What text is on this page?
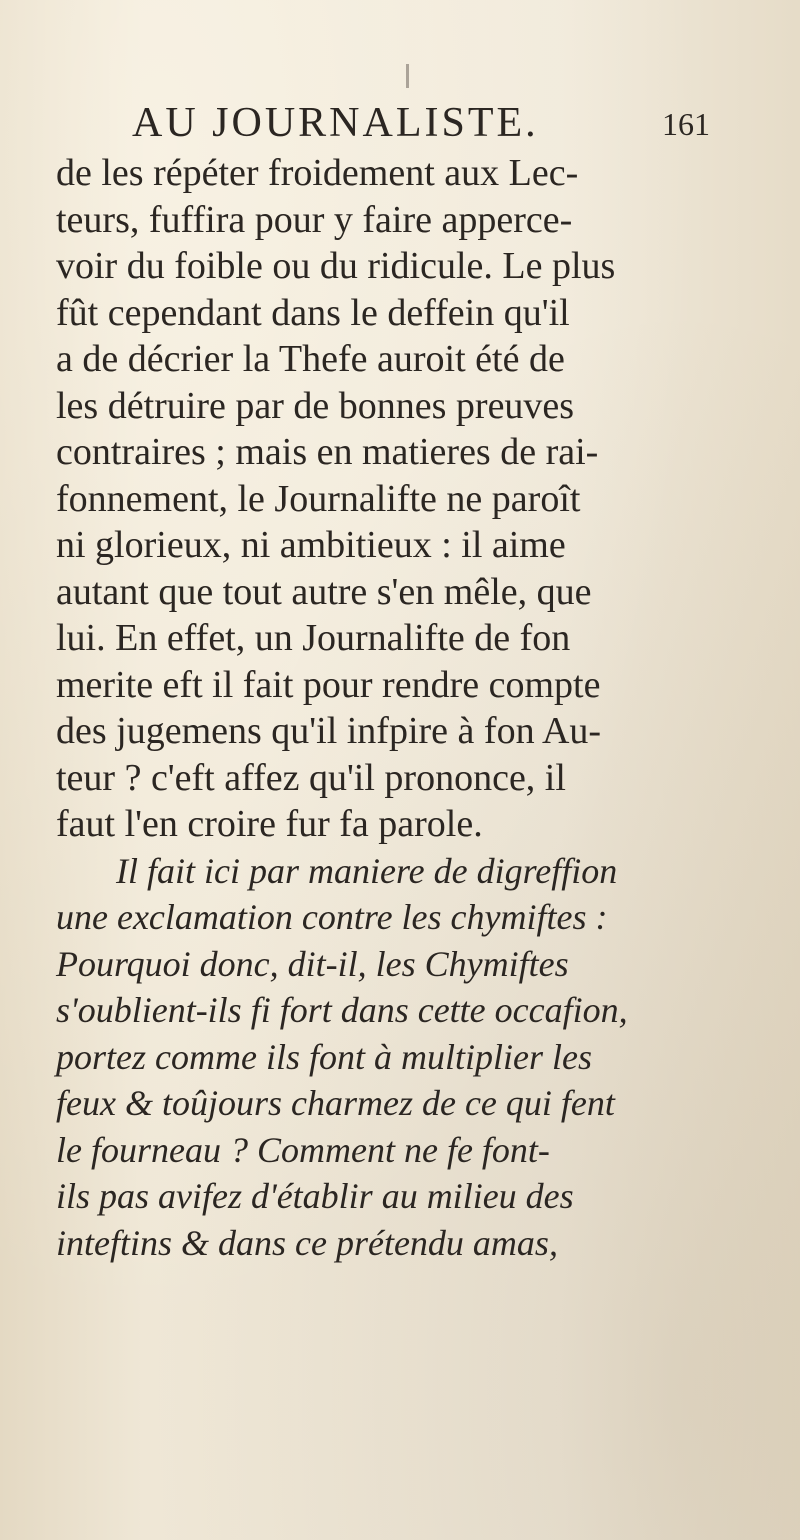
AU JOURNALISTE.	161
de les répéter froidement aux Lec-
teurs, fuffira pour y faire apperce-
voir du foible ou du ridicule. Le plus
fût cependant dans le deffein qu'il
a de décrier la Thefe auroit été de
les détruire par de bonnes preuves
contraires ; mais en matieres de rai-
fonnement, le Journalifte ne paroît
ni glorieux, ni ambitieux : il aime
autant que tout autre s'en mêle, que
lui. En effet, un Journalifte de fon
merite eft il fait pour rendre compte
des jugemens qu'il infpire à fon Au-
teur ? c'eft affez qu'il prononce, il
faut l'en croire fur fa parole.
Il fait ici par maniere de digreffion
une exclamation contre les chymiftes :
Pourquoi donc, dit-il, les Chymiftes
s'oublient-ils fi fort dans cette occafion,
portez comme ils font à multiplier les
feux & toûjours charmez de ce qui fent
le fourneau ? Comment ne fe font-
ils pas avifez d'établir au milieu des
inteftins & dans ce prétendu amas,
